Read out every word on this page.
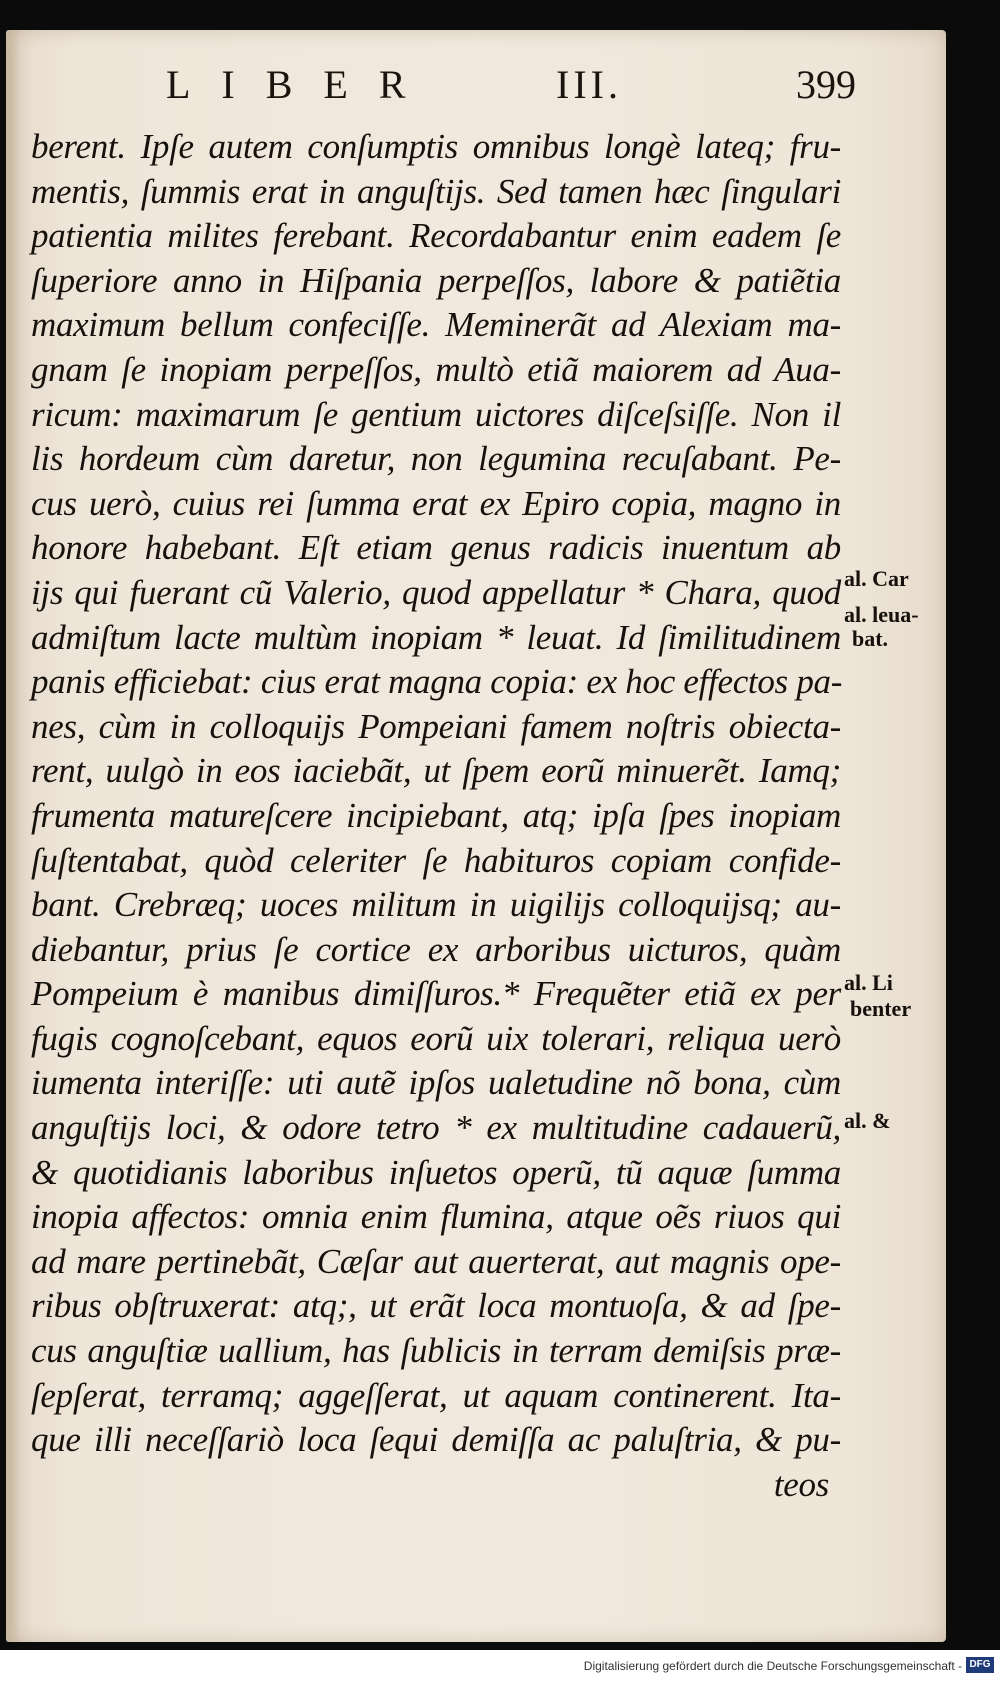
LIBER	III.	399
berent. Ipſe autem conſumptis omnibus longè lateq; fru-
mentis, ſummis erat in anguſtijs. Sed tamen hæc ſingulari
patientia milites ferebant. Recordabantur enim eadem ſe
ſuperiore anno in Hiſpania perpeſſos, labore & patiẽtia
maximum bellum confeciſſe. Meminerãt ad Alexiam ma-
gnam ſe inopiam perpeſſos, multò etiã maiorem ad Aua-
ricum: maximarum ſe gentium uictores diſceſsiſſe. Non il
lis hordeum cùm daretur, non legumina recuſabant. Pe-
cus uerò, cuius rei ſumma erat ex Epiro copia, magno in
honore habebant. Eſt etiam genus radicis inuentum ab
ijs qui fuerant cũ Valerio, quod appellatur * Chara, quod
admiſtum lacte multùm inopiam * leuat. Id ſimilitudinem
panis efficiebat: cius erat magna copia: ex hoc effectos pa-
nes, cùm in colloquijs Pompeiani famem noſtris obiecta-
rent, uulgò in eos iaciebãt, ut ſpem eorũ minuerẽt. Iamq;
frumenta matureſcere incipiebant, atq; ipſa ſpes inopiam
ſuſtentabat, quòd celeriter ſe habituros copiam confide-
bant. Crebræq; uoces militum in uigilijs colloquijsq; au-
diebantur, prius ſe cortice ex arboribus uicturos, quàm
Pompeium è manibus dimiſſuros.* Frequẽter etiã ex per
fugis cognoſcebant, equos eorũ uix tolerari, reliqua uerò
iumenta interiſſe: uti autẽ ipſos ualetudine nõ bona, cùm
anguſtijs loci, & odore tetro * ex multitudine cadauerũ,
& quotidianis laboribus inſuetos operũ, tũ aquæ ſumma
inopia affectos: omnia enim flumina, atque oẽs riuos qui
ad mare pertinebãt, Cæſar aut auerterat, aut magnis ope-
ribus obſtruxerat: atq;, ut erãt loca montuoſa, & ad ſpe-
cus anguſtiæ uallium, has ſublicis in terram demiſsis præ-
ſepſerat, terramq; aggeſſerat, ut aquam continerent. Ita-
que illi neceſſariò loca ſequi demiſſa ac paluſtria, & pu-
teos
al. Car
al. leua-
bat.
al. Li
benter
al. &
Digitalisierung gefördert durch die Deutsche Forschungsgemeinschaft - DFG
